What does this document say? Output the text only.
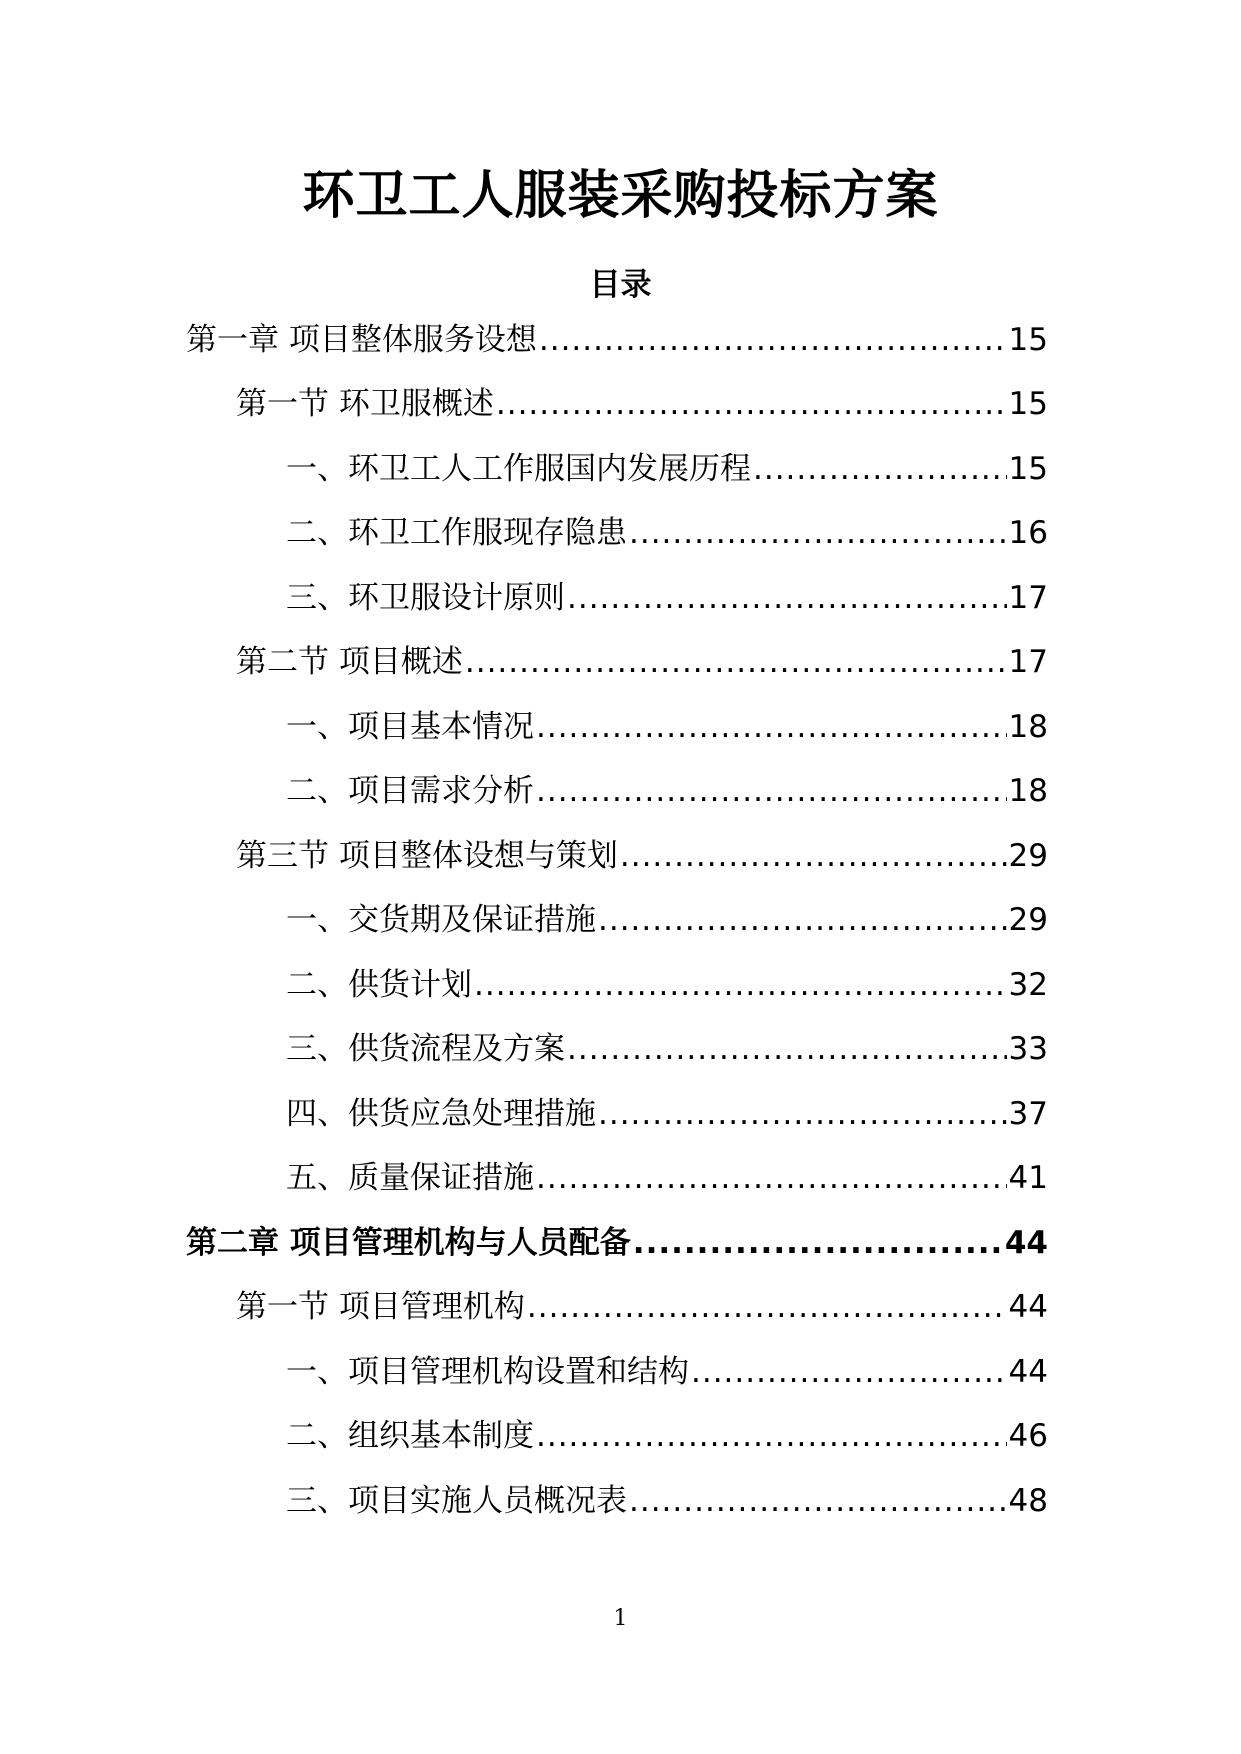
环卫工人服装采购投标方案
目录
第一章 项目整体服务设想 .....	15
第一节 环卫服概述 .....	15
一、环卫工人工作服国内发展历程 .....	15
二、环卫工作服现存隐患 .....	16
三、环卫服设计原则 .....	17
第二节 项目概述 .....	17
一、项目基本情况 .....	18
二、项目需求分析 .....	18
第三节 项目整体设想与策划 .....	29
一、交货期及保证措施 .....	29
二、供货计划 .....	32
三、供货流程及方案 .....	33
四、供货应急处理措施 .....	37
五、质量保证措施 .....	41
第二章 项目管理机构与人员配备 .....	44
第一节 项目管理机构 .....	44
一、项目管理机构设置和结构 .....	44
二、组织基本制度 .....	46
三、项目实施人员概况表 .....	48
1
